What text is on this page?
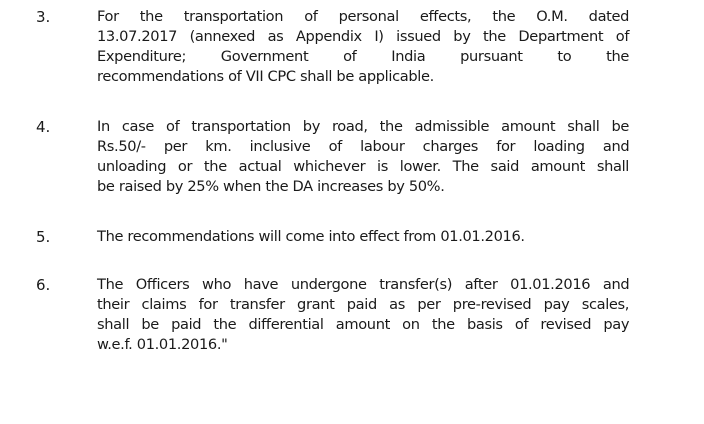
3.	For the transportation of personal effects, the O.M. dated
13.07.2017 (annexed as Appendix I) issued by the Department of
Expenditure; Government of India pursuant to the
recommendations of VII CPC shall be applicable.
4.	In case of transportation by road, the admissible amount shall be
Rs.50/- per km. inclusive of labour charges for loading and
unloading or the actual whichever is lower. The said amount shall
be raised by 25% when the DA increases by 50%.
5.	The recommendations will come into effect from 01.01.2016.
6.	The Officers who have undergone transfer(s) after 01.01.2016 and
their claims for transfer grant paid as per pre-revised pay scales,
shall be paid the differential amount on the basis of revised pay
w.e.f. 01.01.2016."
